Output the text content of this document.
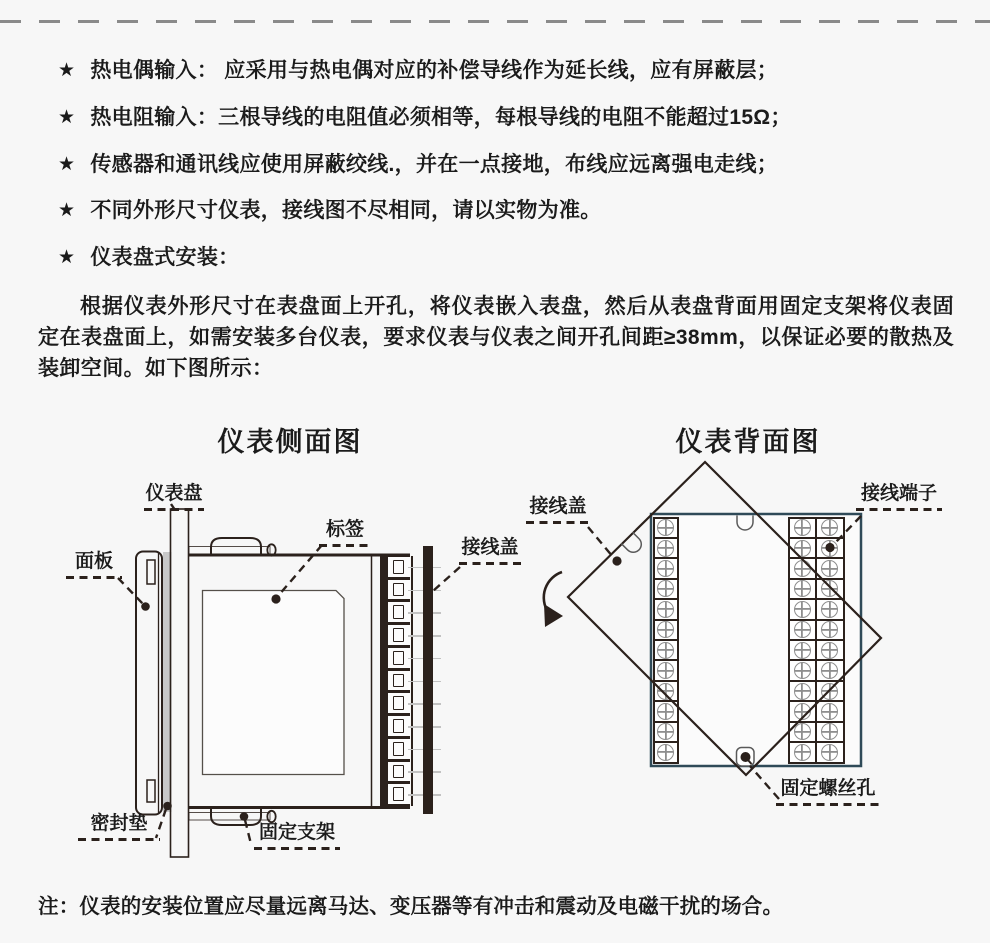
★ 热电偶输入： 应采用与热电偶对应的补偿导线作为延长线，应有屏蔽层；
★ 热电阻输入：三根导线的电阻值必须相等，每根导线的电阻不能超过15Ω；
★ 传感器和通讯线应使用屏蔽绞线.，并在一点接地，布线应远离强电走线；
★ 不同外形尺寸仪表，接线图不尽相同，请以实物为准。
★ 仪表盘式安装：

根据仪表外形尺寸在表盘面上开孔，将仪表嵌入表盘，然后从表盘背面用固定支架将仪表固定在表盘面上，如需安装多台仪表，要求仪表与仪表之间开孔间距≥38mm，以保证必要的散热及装卸空间。如下图所示：

仪表侧面图	仪表背面图
仪表盘
面板
标签
接线盖
密封垫	固定支架
接线盖
接线端子
固定螺丝孔

注：仪表的安装位置应尽量远离马达、变压器等有冲击和震动及电磁干扰的场合。
